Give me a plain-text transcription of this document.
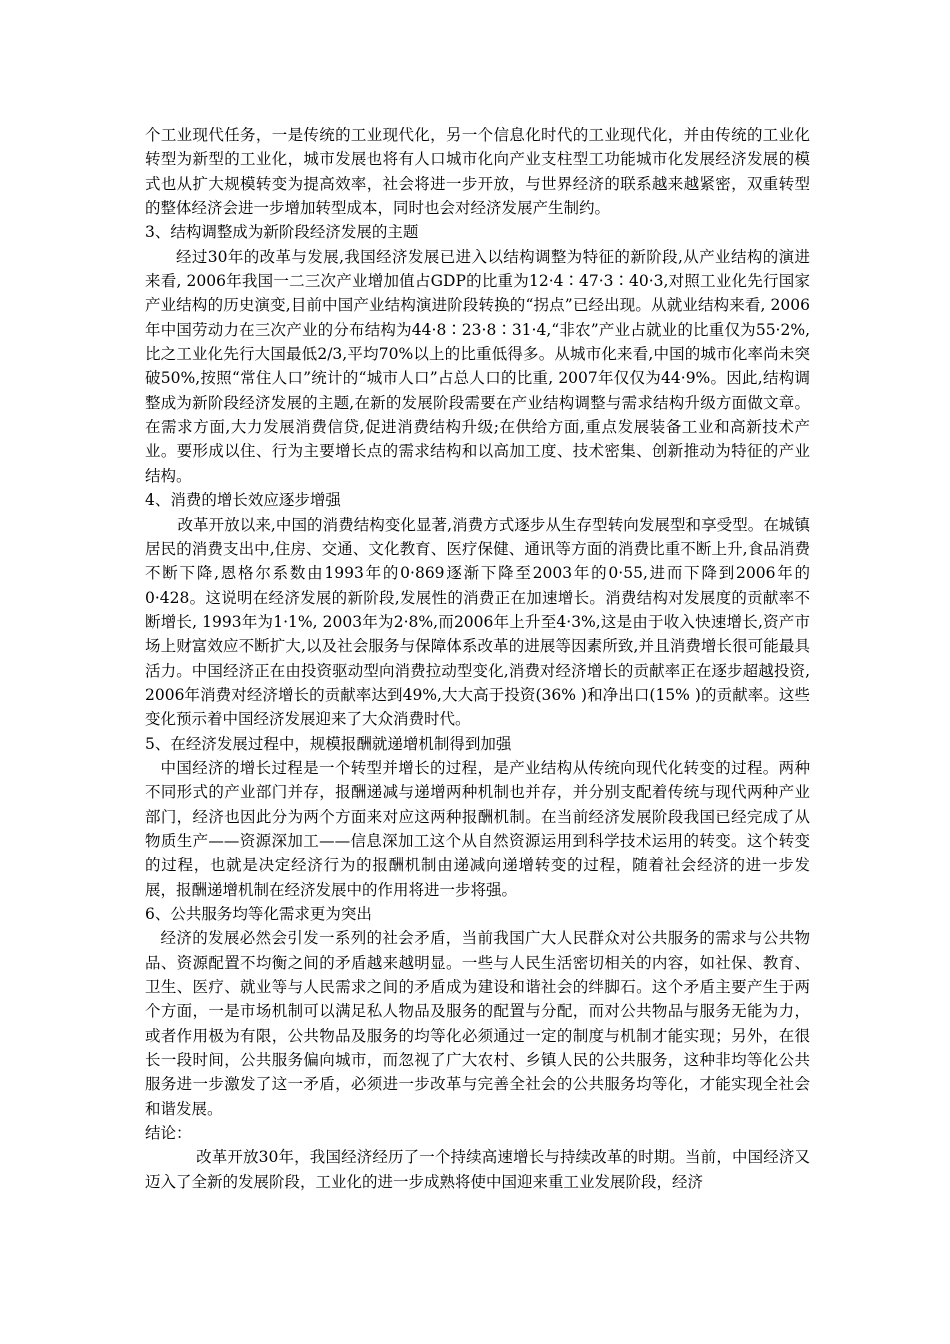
个工业现代任务，一是传统的工业现代化，另一个信息化时代的工业现代化，并由传统的工业化转型为新型的工业化，城市发展也将有人口城市化向产业支柱型工功能城市化发展经济发展的模式也从扩大规模转变为提高效率，社会将进一步开放，与世界经济的联系越来越紧密，双重转型的整体经济会进一步增加转型成本，同时也会对经济发展产生制约。

3、结构调整成为新阶段经济发展的主题

经过30年的改革与发展,我国经济发展已进入以结构调整为特征的新阶段,从产业结构的演进来看, 2006年我国一二三次产业增加值占GDP的比重为12·4∶47·3∶40·3,对照工业化先行国家产业结构的历史演变,目前中国产业结构演进阶段转换的“拐点”已经出现。从就业结构来看, 2006年中国劳动力在三次产业的分布结构为44·8∶23·8∶31·4,“非农”产业占就业的比重仅为55·2%,比之工业化先行大国最低2/3,平均70%以上的比重低得多。从城市化来看,中国的城市化率尚未突破50%,按照“常住人口”统计的“城市人口”占总人口的比重, 2007年仅仅为44·9%。因此,结构调整成为新阶段经济发展的主题,在新的发展阶段需要在产业结构调整与需求结构升级方面做文章。在需求方面,大力发展消费信贷,促进消费结构升级;在供给方面,重点发展装备工业和高新技术产业。要形成以住、行为主要增长点的需求结构和以高加工度、技术密集、创新推动为特征的产业结构。

4、消费的增长效应逐步增强

改革开放以来,中国的消费结构变化显著,消费方式逐步从生存型转向发展型和享受型。在城镇居民的消费支出中,住房、交通、文化教育、医疗保健、通讯等方面的消费比重不断上升,食品消费不断下降,恩格尔系数由1993年的0·869逐渐下降至2003年的0·55,进而下降到2006年的0·428。这说明在经济发展的新阶段,发展性的消费正在加速增长。消费结构对发展度的贡献率不断增长, 1993年为1·1%, 2003年为2·8%,而2006年上升至4·3%,这是由于收入快速增长,资产市场上财富效应不断扩大,以及社会服务与保障体系改革的进展等因素所致,并且消费增长很可能最具活力。中国经济正在由投资驱动型向消费拉动型变化,消费对经济增长的贡献率正在逐步超越投资, 2006年消费对经济增长的贡献率达到49%,大大高于投资(36% )和净出口(15% )的贡献率。这些变化预示着中国经济发展迎来了大众消费时代。

5、在经济发展过程中，规模报酬就递增机制得到加强

中国经济的增长过程是一个转型并增长的过程，是产业结构从传统向现代化转变的过程。两种不同形式的产业部门并存，报酬递减与递增两种机制也并存，并分别支配着传统与现代两种产业部门，经济也因此分为两个方面来对应这两种报酬机制。在当前经济发展阶段我国已经完成了从物质生产——资源深加工——信息深加工这个从自然资源运用到科学技术运用的转变。这个转变的过程，也就是决定经济行为的报酬机制由递减向递增转变的过程，随着社会经济的进一步发展，报酬递增机制在经济发展中的作用将进一步将强。

6、公共服务均等化需求更为突出

经济的发展必然会引发一系列的社会矛盾，当前我国广大人民群众对公共服务的需求与公共物品、资源配置不均衡之间的矛盾越来越明显。一些与人民生活密切相关的内容，如社保、教育、卫生、医疗、就业等与人民需求之间的矛盾成为建设和谐社会的绊脚石。这个矛盾主要产生于两个方面，一是市场机制可以满足私人物品及服务的配置与分配，而对公共物品与服务无能为力，或者作用极为有限，公共物品及服务的均等化必须通过一定的制度与机制才能实现；另外，在很长一段时间，公共服务偏向城市，而忽视了广大农村、乡镇人民的公共服务，这种非均等化公共服务进一步激发了这一矛盾，必须进一步改革与完善全社会的公共服务均等化，才能实现全社会和谐发展。

结论：

改革开放30年，我国经济经历了一个持续高速增长与持续改革的时期。当前，中国经济又迈入了全新的发展阶段，工业化的进一步成熟将使中国迎来重工业发展阶段，经济
